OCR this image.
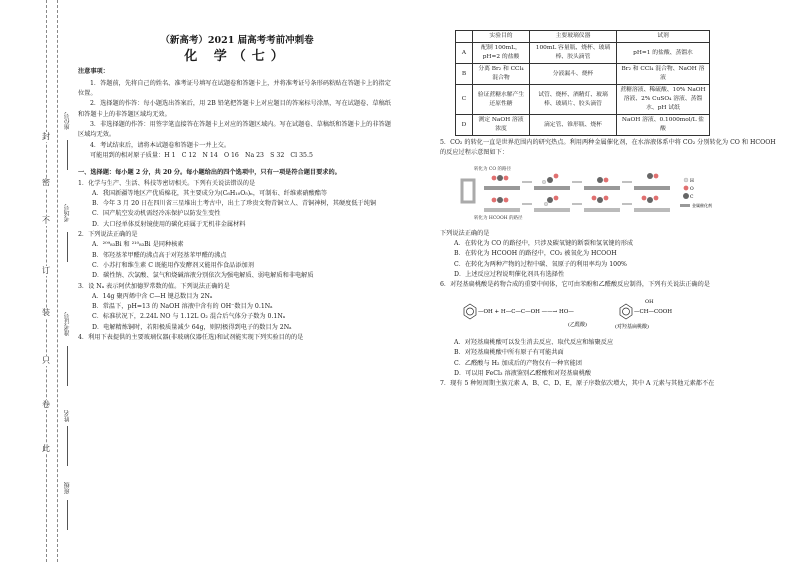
封
密
不
订
装
只
卷
此
座位号
考场号
准考证号
姓名
班级
（新高考）2021 届高考考前冲刺卷
化 学（七）
注意事项：

1．答题前，先将自己的姓名、准考证号填写在试题卷和答题卡上，并将准考证号条形码粘贴在答题卡上的指定位置。

2．选择题的作答：每小题选出答案后，用 2B 铅笔把答题卡上对应题目的答案标号涂黑，写在试题卷、草稿纸和答题卡上的非答题区域均无效。

3．非选择题的作答：用签字笔直接答在答题卡上对应的答题区域内。写在试题卷、草稿纸和答题卡上的非答题区域均无效。

4．考试结束后，请将本试题卷和答题卡一并上交。

可能用到的相对原子质量：H 1　C 12　N 14　O 16　Na 23　S 32　Cl 35.5

一、选择题：每小题 2 分，共 20 分。每小题给出的四个选项中，只有一项是符合题目要求的。

1．化学与生产、生活、科技等密切相关。下列有关说法错误的是

A．我国新疆等地区产优质棉花，其主要成分为(C₆H₁₀O₅)ₙ，可制布、纤维素硝酸酯等

B．今年 3 月 20 日在四川省三星堆出土考古中，出土了珍贵文物青铜立人、青铜神树，其硬度低于纯铜

C．国产航空发动机需经冷冻保护以防发生变性

D．大口径单体反射镜使用的碳化硅属于无机非金属材料

2．下列说法正确的是

A．²⁰⁹₈₃Bi 和 ²¹⁰₈₃Bi 是同种核素

B．邻羟基苯甲醛的沸点高于对羟基苯甲醛的沸点

C．小苏打和维生素 C 既能用作发酵剂又能用作食品添加剂

D．碳性钠、次氯酸、氯气和烧碱溶液分别依次为强电解质、弱电解质和非电解质

3．设 Nₐ 表示阿伏加德罗常数的值。下列说法正确的是

A．14g 聚丙烯中含 C—H 键总数目为 2Nₐ

B．常温下，pH=13 的 NaOH 溶液中含有的 OH⁻数目为 0.1Nₐ

C．标准状况下，2.24L NO 与 1.12L O₂ 混合后气体分子数为 0.1Nₐ

D．电解精炼铜时，若阳极质量减少 64g，则阴极得到电子的数目为 2Nₐ

4．利用下表提供的主要玻璃仪器(非玻璃仪器任选)和试剂能实现下列实验目的的是

	实验目的	主要玻璃仪器	试剂
A	配制 100mL，pH=2 的盐酸	100mL 容量瓶、烧杯、玻璃棒、胶头滴管	pH=1 的盐酸、蒸馏水
B	分离 Br₂ 和 CCl₄ 混合物	分液漏斗、烧杯	Br₂ 和 CCl₄ 混合物、NaOH 溶液
C	验证蔗糖水解产生还原性糖	试管、烧杯、酒精灯、玻璃棒、玻璃片、胶头滴管	蔗糖溶液、稀硫酸、10% NaOH 溶液、2% CuSO₄ 溶液、蒸馏水、pH 试纸
D	测定 NaOH 溶液浓度	滴定管、锥形瓶、烧杯	NaOH 溶液、0.1000mol/L 盐酸

5．CO₂ 的转化一直是世界范围内的研究热点。利用两种金属催化剂，在水溶液体系中将 CO₂ 分别转化为 CO 和 HCOOH 的反应过程示意图如下：

转化为 CO 的路径
转化为 HCOOH 的路径
H
O
C
金属催化剂

下列说法正确的是

A．在转化为 CO 的路径中，只涉及碳氧键的断裂和氢氧键的形成

B．在转化为 HCOOH 的路径中，CO₂ 被氧化为 HCOOH

C．在转化为两种产物的过程中碳、氧原子的利用率均为 100%

D．上述反应过程说明催化剂具有选择性

6．对羟基扁桃酸是药物合成的重要中间体，它可由苯酚和乙醛酸反应制得，下列有关说法正确的是

—OH + H—C—C—OH ——→ HO—
(乙醛酸)
—CH—COOH
OH
(对羟基扁桃酸)

A．对羟基扁桃酸可以发生消去反应、取代反应和缩聚反应

B．对羟基扁桃酸中所有原子有可能共面

C．乙醛酸与 H₂ 加成后的产物仅有一种官能团

D．可以用 FeCl₃ 溶液鉴别乙醛酸和对羟基扁桃酸

7．现有 5 种短周期主族元素 A、B、C、D、E，原子序数依次增大，其中 A 元素与其他元素都不在
